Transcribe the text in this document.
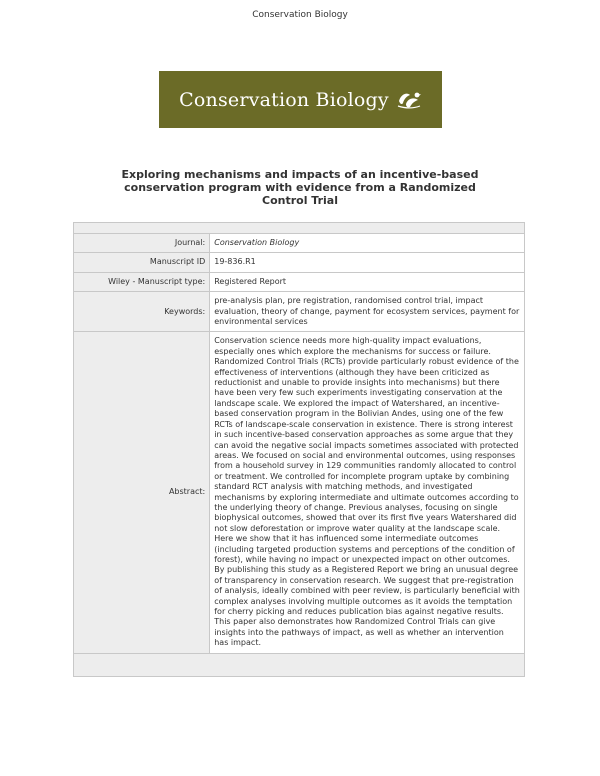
Conservation Biology
Conservation Biology
Exploring mechanisms and impacts of an incentive-based
conservation program with evidence from a Randomized
Control Trial

Journal:	Conservation Biology
Manuscript ID	19-836.R1
Wiley - Manuscript type:	Registered Report
Keywords:	pre-analysis plan, pre registration, randomised control trial, impact evaluation, theory of change, payment for ecosystem services, payment for environmental services
Abstract:	Conservation science needs more high-quality impact evaluations, especially ones which explore the mechanisms for success or failure. Randomized Control Trials (RCTs) provide particularly robust evidence of the effectiveness of interventions (although they have been criticized as reductionist and unable to provide insights into mechanisms) but there have been very few such experiments investigating conservation at the landscape scale. We explored the impact of Watershared, an incentive-based conservation program in the Bolivian Andes, using one of the few RCTs of landscape-scale conservation in existence. There is strong interest in such incentive-based conservation approaches as some argue that they can avoid the negative social impacts sometimes associated with protected areas. We focused on social and environmental outcomes, using responses from a household survey in 129 communities randomly allocated to control or treatment. We controlled for incomplete program uptake by combining standard RCT analysis with matching methods, and investigated mechanisms by exploring intermediate and ultimate outcomes according to the underlying theory of change. Previous analyses, focusing on single biophysical outcomes, showed that over its first five years Watershared did not slow deforestation or improve water quality at the landscape scale. Here we show that it has influenced some intermediate outcomes (including targeted production systems and perceptions of the condition of forest), while having no impact or unexpected impact on other outcomes. By publishing this study as a Registered Report we bring an unusual degree of transparency in conservation research. We suggest that pre-registration of analysis, ideally combined with peer review, is particularly beneficial with complex analyses involving multiple outcomes as it avoids the temptation for cherry picking and reduces publication bias against negative results. This paper also demonstrates how Randomized Control Trials can give insights into the pathways of impact, as well as whether an intervention has impact.
